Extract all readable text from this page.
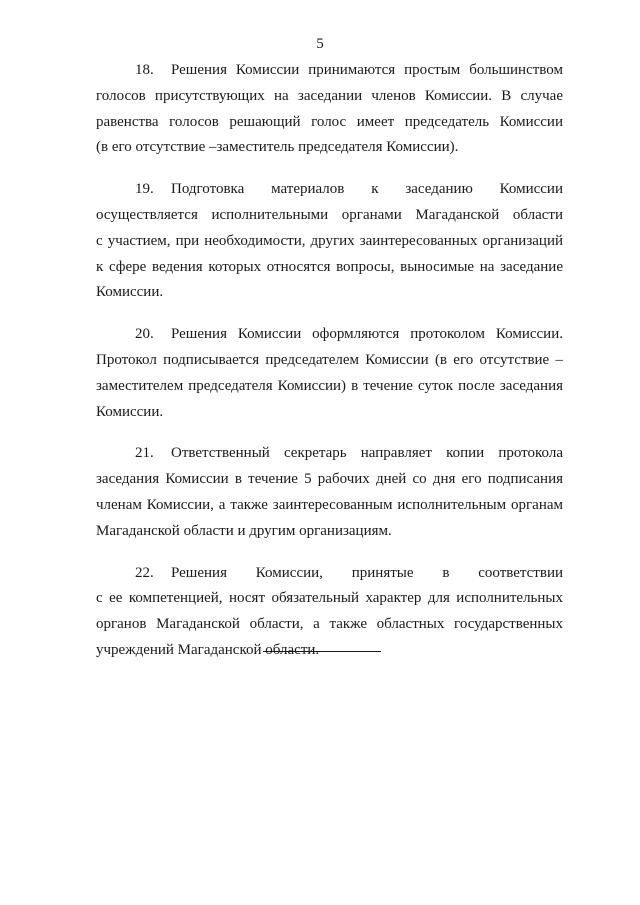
5

18. Решения Комиссии принимаются простым большинством
голосов присутствующих на заседании членов Комиссии. В случае
равенства голосов решающий голос имеет председатель Комиссии
(в его отсутствие –заместитель председателя Комиссии).

19. Подготовка материалов к заседанию Комиссии
осуществляется исполнительными органами Магаданской области
с участием, при необходимости, других заинтересованных организаций
к сфере ведения которых относятся вопросы, выносимые на заседание
Комиссии.

20. Решения Комиссии оформляются протоколом Комиссии.
Протокол подписывается председателем Комиссии (в его отсутствие –
заместителем председателя Комиссии) в течение суток после заседания
Комиссии.

21. Ответственный секретарь направляет копии протокола
заседания Комиссии в течение 5 рабочих дней со дня его подписания
членам Комиссии, а также заинтересованным исполнительным органам
Магаданской области и другим организациям.

22. Решения Комиссии, принятые в соответствии
с ее компетенцией, носят обязательный характер для исполнительных
органов Магаданской области, а также областных государственных
учреждений Магаданской области.
